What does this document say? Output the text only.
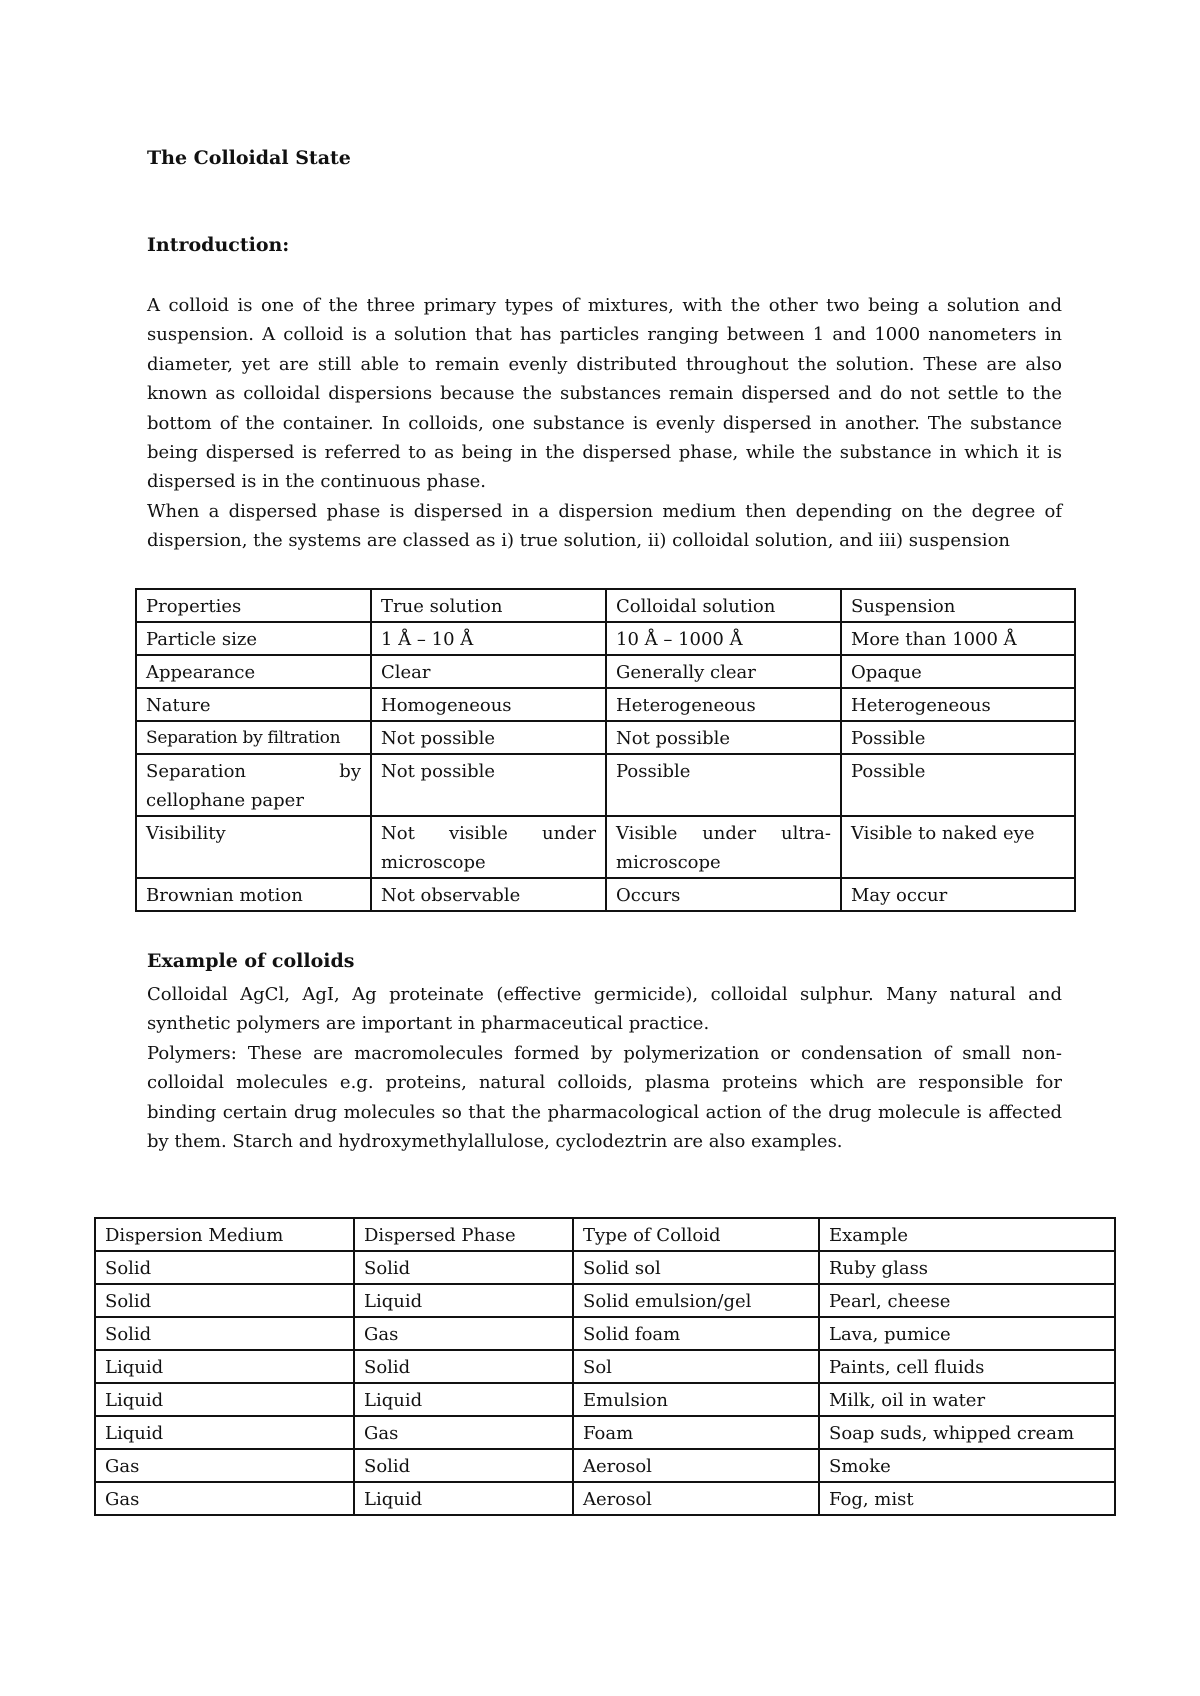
The Colloidal State

Introduction:

A colloid is one of the three primary types of mixtures, with the other two being a solution and suspension. A colloid is a solution that has particles ranging between 1 and 1000 nanometers in diameter, yet are still able to remain evenly distributed throughout the solution. These are also known as colloidal dispersions because the substances remain dispersed and do not settle to the bottom of the container. In colloids, one substance is evenly dispersed in another. The substance being dispersed is referred to as being in the dispersed phase, while the substance in which it is dispersed is in the continuous phase.

When a dispersed phase is dispersed in a dispersion medium then depending on the degree of dispersion, the systems are classed as i) true solution, ii) colloidal solution, and iii) suspension

Properties	True solution	Colloidal solution	Suspension
Particle size	1 Å – 10 Å	10 Å – 1000 Å	More than 1000 Å
Appearance	Clear	Generally clear	Opaque
Nature	Homogeneous	Heterogeneous	Heterogeneous
Separation by filtration	Not possible	Not possible	Possible
Separation by cellophane paper	Not possible	Possible	Possible
Visibility	Not visible under microscope	Visible under ultra-microscope	Visible to naked eye
Brownian motion	Not observable	Occurs	May occur

Example of colloids

Colloidal AgCl, AgI, Ag proteinate (effective germicide), colloidal sulphur. Many natural and synthetic polymers are important in pharmaceutical practice.

Polymers: These are macromolecules formed by polymerization or condensation of small non-colloidal molecules e.g. proteins, natural colloids, plasma proteins which are responsible for binding certain drug molecules so that the pharmacological action of the drug molecule is affected by them. Starch and hydroxymethylallulose, cyclodeztrin are also examples.

Dispersion Medium	Dispersed Phase	Type of Colloid	Example
Solid	Solid	Solid sol	Ruby glass
Solid	Liquid	Solid emulsion/gel	Pearl, cheese
Solid	Gas	Solid foam	Lava, pumice
Liquid	Solid	Sol	Paints, cell fluids
Liquid	Liquid	Emulsion	Milk, oil in water
Liquid	Gas	Foam	Soap suds, whipped cream
Gas	Solid	Aerosol	Smoke
Gas	Liquid	Aerosol	Fog, mist
